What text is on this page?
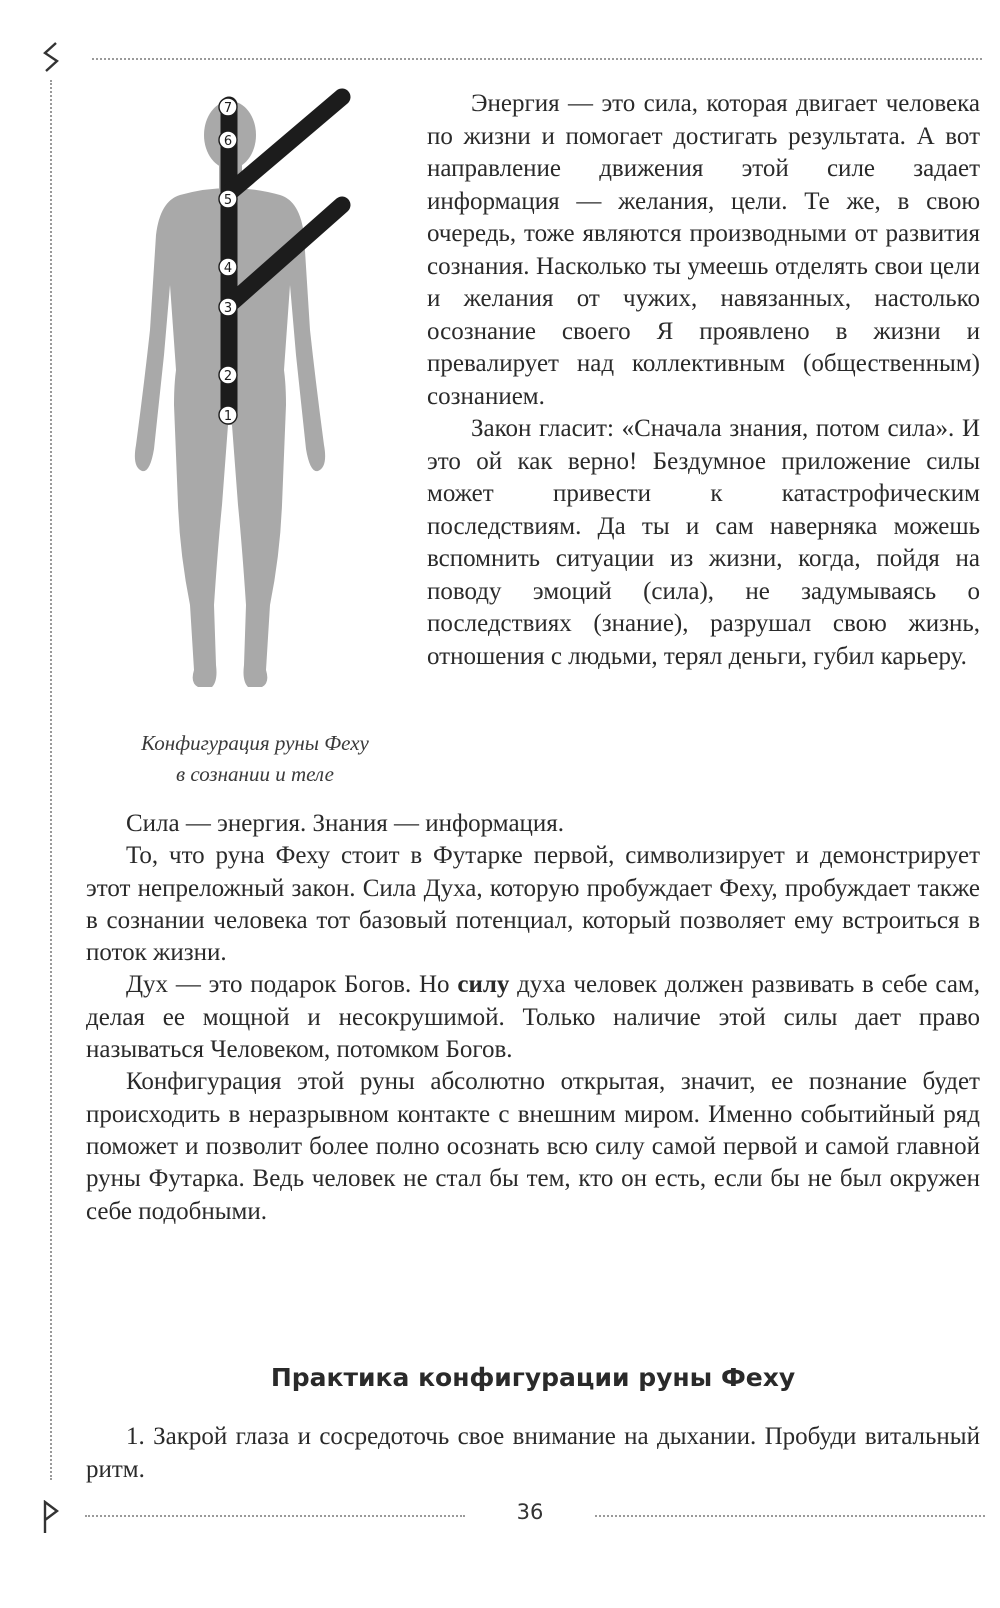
7
6
5
4
3
2
1
Конфигурация руны Феху
в сознании и теле

Энергия — это сила, которая двигает человека по жизни и помогает достигать результата. А вот направление движения этой силе задает информация — желания, цели. Те же, в свою очередь, тоже являются производными от развития сознания. Насколько ты умеешь отделять свои цели и желания от чужих, навязанных, настолько осознание своего Я проявлено в жизни и превалирует над коллективным (общественным) сознанием.

Закон гласит: «Сначала знания, потом сила». И это ой как верно! Бездумное приложение силы может привести к катастрофическим последствиям. Да ты и сам наверняка можешь вспомнить ситуации из жизни, когда, пойдя на поводу эмоций (сила), не задумываясь о последствиях (знание), разрушал свою жизнь, отношения с людьми, терял деньги, губил карьеру.

Сила — энергия. Знания — информация.

То, что руна Феху стоит в Футарке первой, символизирует и демонстрирует этот непреложный закон. Сила Духа, которую пробуждает Феху, пробуждает также в сознании человека тот базовый потенциал, который позволяет ему встроиться в поток жизни.

Дух — это подарок Богов. Но силу духа человек должен развивать в себе сам, делая ее мощной и несокрушимой. Только наличие этой силы дает право называться Человеком, потомком Богов.

Конфигурация этой руны абсолютно открытая, значит, ее познание будет происходить в неразрывном контакте с внешним миром. Именно событийный ряд поможет и позволит более полно осознать всю силу самой первой и самой главной руны Футарка. Ведь человек не стал бы тем, кто он есть, если бы не был окружен себе подобными.

Практика конфигурации руны Феху
1. Закрой глаза и сосредоточь свое внимание на дыхании. Пробуди витальный ритм.
36
